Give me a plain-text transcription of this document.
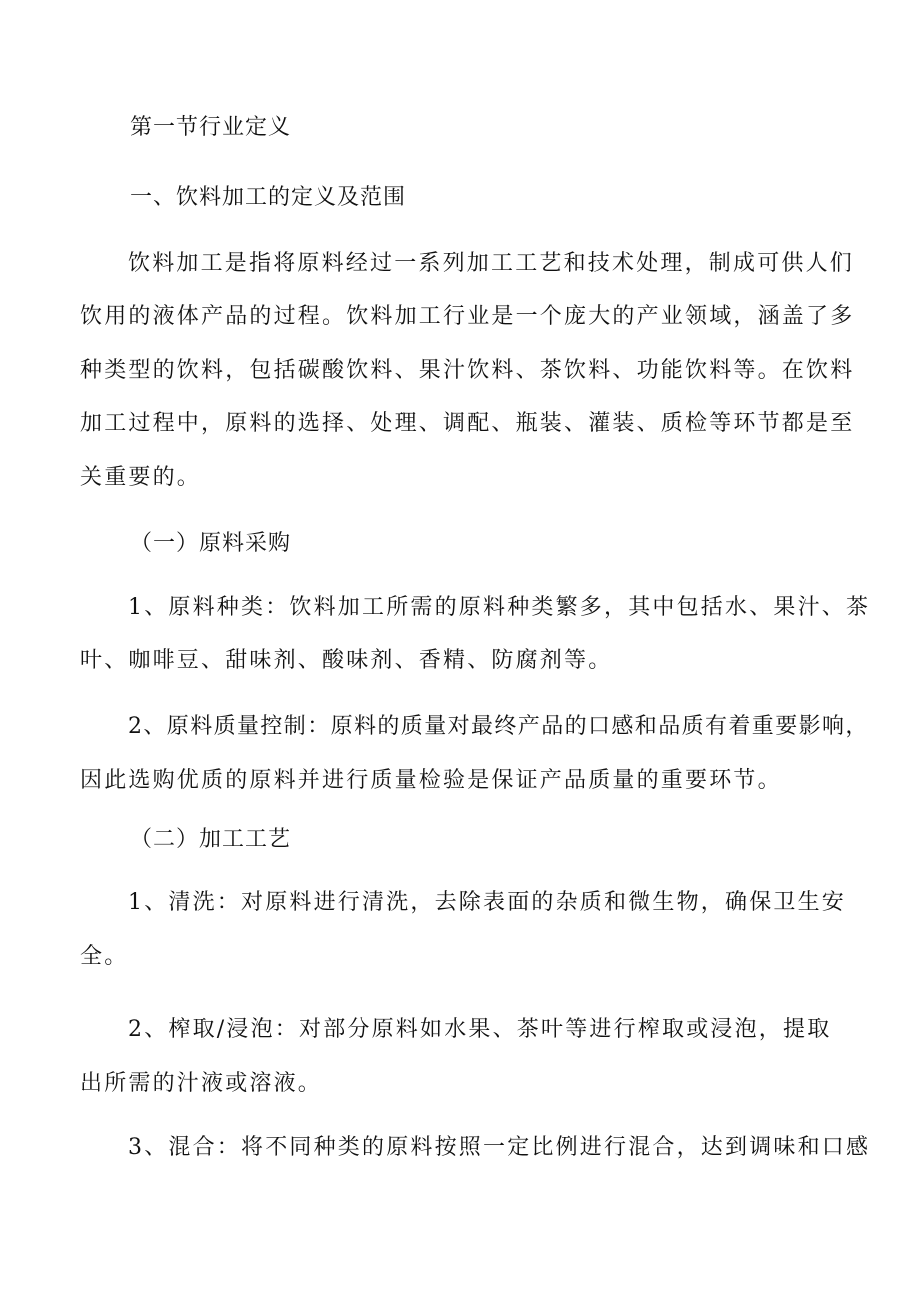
第一节行业定义
一、饮料加工的定义及范围
饮料加工是指将原料经过一系列加工工艺和技术处理，制成可供人们
饮用的液体产品的过程。饮料加工行业是一个庞大的产业领域，涵盖了多
种类型的饮料，包括碳酸饮料、果汁饮料、茶饮料、功能饮料等。在饮料
加工过程中，原料的选择、处理、调配、瓶装、灌装、质检等环节都是至
关重要的。
（一）原料采购
1、原料种类：饮料加工所需的原料种类繁多，其中包括水、果汁、茶
叶、咖啡豆、甜味剂、酸味剂、香精、防腐剂等。
2、原料质量控制：原料的质量对最终产品的口感和品质有着重要影响，
因此选购优质的原料并进行质量检验是保证产品质量的重要环节。
（二）加工工艺
1、清洗：对原料进行清洗，去除表面的杂质和微生物，确保卫生安
全。
2、榨取/浸泡：对部分原料如水果、茶叶等进行榨取或浸泡，提取
出所需的汁液或溶液。
3、混合：将不同种类的原料按照一定比例进行混合，达到调味和口感
